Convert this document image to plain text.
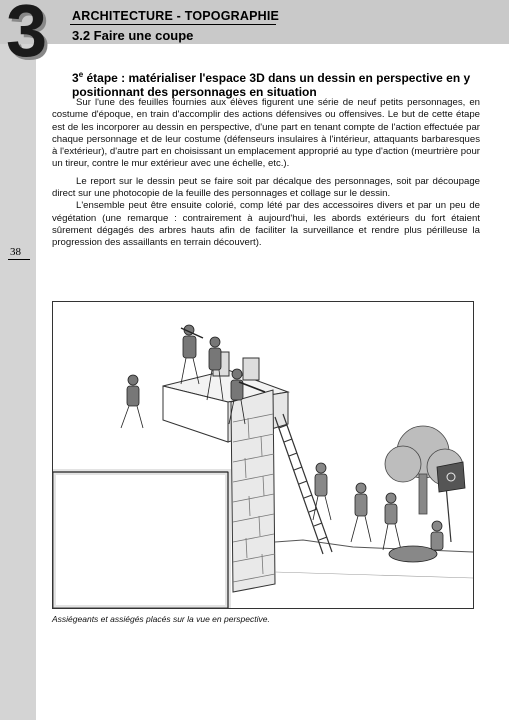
3 ARCHITECTURE - TOPOGRAPHIE
3.2 Faire une coupe
38
3e étape : matérialiser l'espace 3D dans un dessin en perspective en y positionnant des personnages en situation

Sur l'une des feuilles fournies aux élèves figurent une série de neuf petits personnages, en costume d'époque, en train d'accomplir des actions défensives ou offensives. Le but de cette étape est de les incorporer au dessin en perspective, d'une part en tenant compte de l'action effectuée par chaque personnage et de leur costume (défenseurs insulaires à l'intérieur, attaquants barbaresques à l'extérieur), d'autre part en choisissant un emplacement approprié au type d'action (meurtrière pour un tireur, contre le mur extérieur avec une échelle, etc.).

Le report sur le dessin peut se faire soit par décalque des personnages, soit par découpage direct sur une photocopie de la feuille des personnages et collage sur le dessin.

L'ensemble peut être ensuite colorié, comp lété par des accessoires divers et par un peu de végétation (une remarque : contrairement à aujourd'hui, les abords extérieurs du fort étaient sûrement dégagés des arbres hauts afin de faciliter la surveillance et rendre plus périlleuse la progression des assaillants en terrain découvert).

Assiégeants et assiégés placés sur la vue en perspective.
